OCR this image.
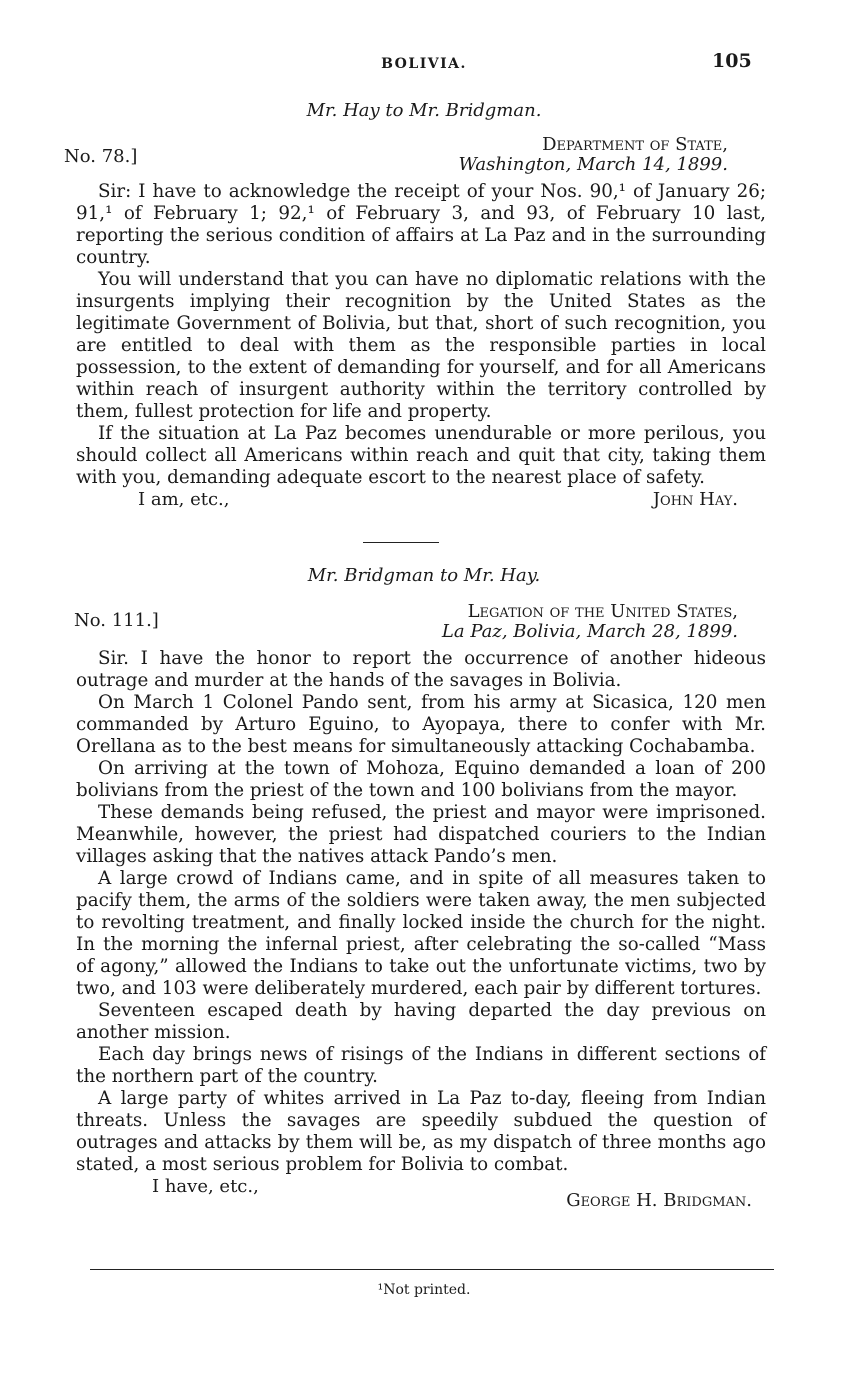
BOLIVIA.	105
Mr. Hay to Mr. Bridgman.
No. 78.]
Department of State,
Washington, March 14, 1899.

Sir: I have to acknowledge the receipt of your Nos. 90,¹ of January 26; 91,¹ of February 1; 92,¹ of February 3, and 93, of February 10 last, reporting the serious condition of affairs at La Paz and in the surrounding country.

You will understand that you can have no diplomatic relations with the insurgents implying their recognition by the United States as the legitimate Government of Bolivia, but that, short of such recognition, you are entitled to deal with them as the responsible parties in local possession, to the extent of demanding for yourself, and for all Americans within reach of insurgent authority within the territory controlled by them, fullest protection for life and property.

If the situation at La Paz becomes unendurable or more perilous, you should collect all Americans within reach and quit that city, taking them with you, demanding adequate escort to the nearest place of safety.

I am, etc.,	John Hay.
Mr. Bridgman to Mr. Hay.
No. 111.]	Legation of the United States,
La Paz, Bolivia, March 28, 1899.

Sir. I have the honor to report the occurrence of another hideous outrage and murder at the hands of the savages in Bolivia.

On March 1 Colonel Pando sent, from his army at Sicasica, 120 men commanded by Arturo Eguino, to Ayopaya, there to confer with Mr. Orellana as to the best means for simultaneously attacking Cochabamba.

On arriving at the town of Mohoza, Equino demanded a loan of 200 bolivians from the priest of the town and 100 bolivians from the mayor.

These demands being refused, the priest and mayor were imprisoned. Meanwhile, however, the priest had dispatched couriers to the Indian villages asking that the natives attack Pando’s men.

A large crowd of Indians came, and in spite of all measures taken to pacify them, the arms of the soldiers were taken away, the men subjected to revolting treatment, and finally locked inside the church for the night. In the morning the infernal priest, after celebrating the so-called “Mass of agony,” allowed the Indians to take out the unfortunate victims, two by two, and 103 were deliberately murdered, each pair by different tortures.

Seventeen escaped death by having departed the day previous on another mission.

Each day brings news of risings of the Indians in different sections of the northern part of the country.

A large party of whites arrived in La Paz to-day, fleeing from Indian threats. Unless the savages are speedily subdued the question of outrages and attacks by them will be, as my dispatch of three months ago stated, a most serious problem for Bolivia to combat.

I have, etc.,
George H. Bridgman.
¹Not printed.
